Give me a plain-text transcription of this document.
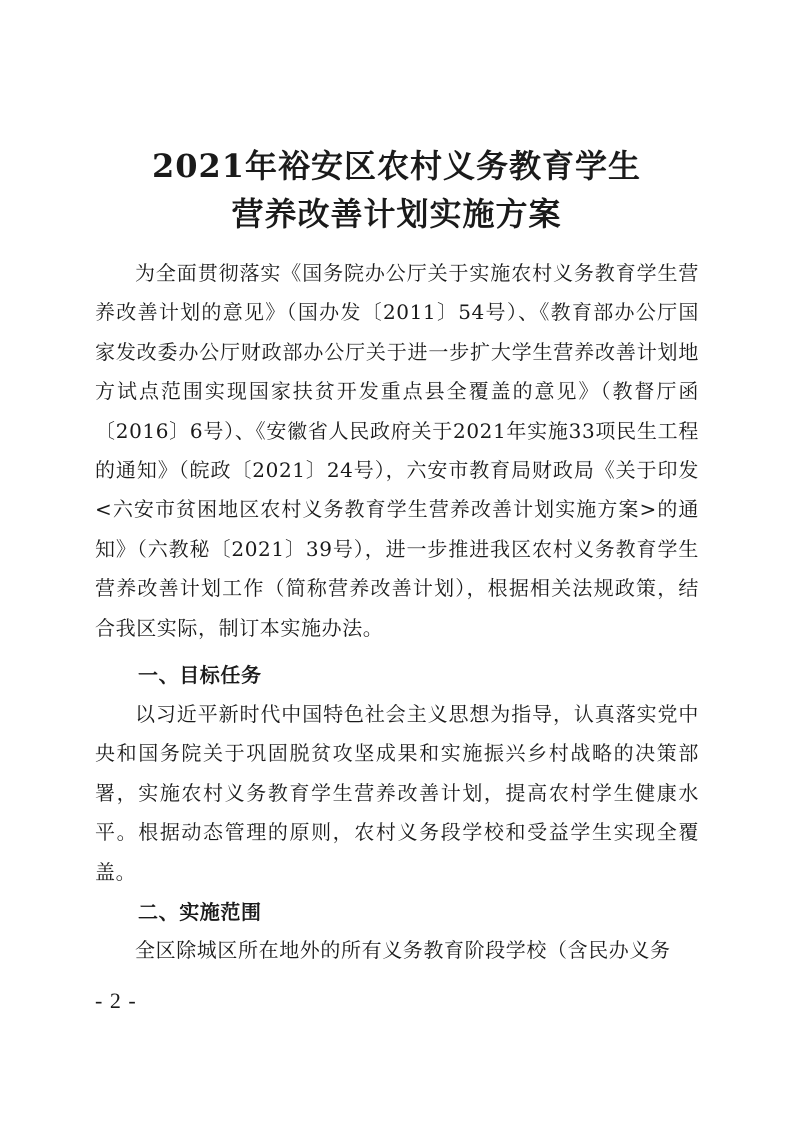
2021年裕安区农村义务教育学生
营养改善计划实施方案

为全面贯彻落实《国务院办公厅关于实施农村义务教育学生营养改善计划的意见》（国办发〔2011〕54号）、《教育部办公厅国家发改委办公厅财政部办公厅关于进一步扩大学生营养改善计划地方试点范围实现国家扶贫开发重点县全覆盖的意见》（教督厅函〔2016〕6号）、《安徽省人民政府关于2021年实施33项民生工程的通知》（皖政〔2021〕24号），六安市教育局财政局《关于印发<六安市贫困地区农村义务教育学生营养改善计划实施方案>的通知》（六教秘〔2021〕39号），进一步推进我区农村义务教育学生营养改善计划工作（简称营养改善计划），根据相关法规政策，结合我区实际，制订本实施办法。

一、目标任务

以习近平新时代中国特色社会主义思想为指导，认真落实党中央和国务院关于巩固脱贫攻坚成果和实施振兴乡村战略的决策部署，实施农村义务教育学生营养改善计划，提高农村学生健康水平。根据动态管理的原则，农村义务段学校和受益学生实现全覆盖。

二、实施范围

全区除城区所在地外的所有义务教育阶段学校（含民办义务

- 2 -
